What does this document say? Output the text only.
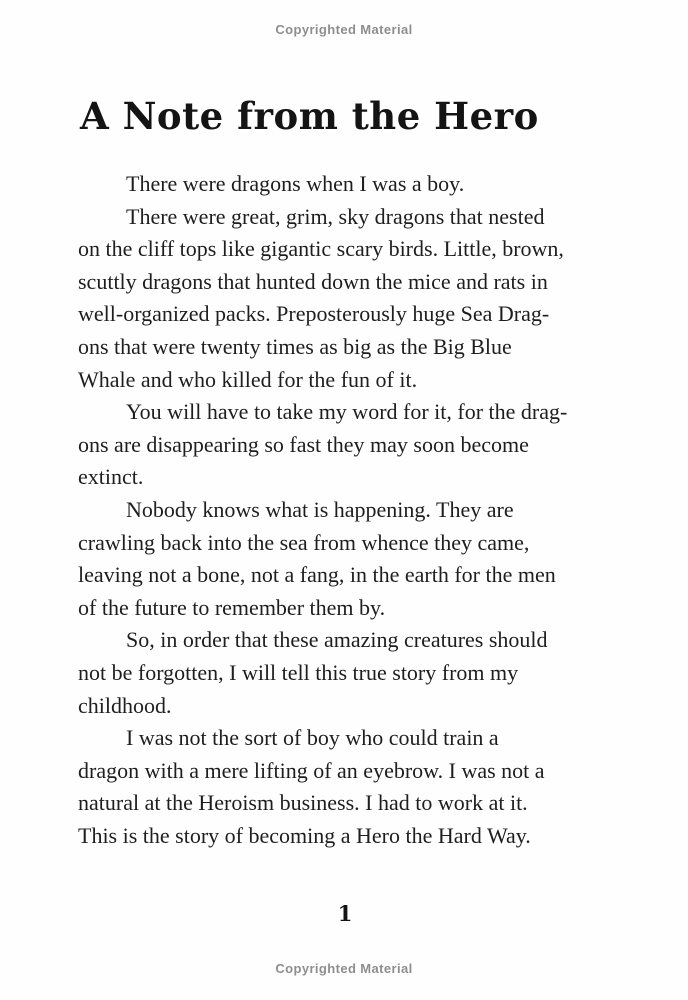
Copyrighted Material
A Note from the Hero
There were dragons when I was a boy.
There were great, grim, sky dragons that nested
on the cliff tops like gigantic scary birds. Little, brown,
scuttly dragons that hunted down the mice and rats in
well-organized packs. Preposterously huge Sea Drag-
ons that were twenty times as big as the Big Blue
Whale and who killed for the fun of it.
You will have to take my word for it, for the drag-
ons are disappearing so fast they may soon become
extinct.
Nobody knows what is happening. They are
crawling back into the sea from whence they came,
leaving not a bone, not a fang, in the earth for the men
of the future to remember them by.
So, in order that these amazing creatures should
not be forgotten, I will tell this true story from my
childhood.
I was not the sort of boy who could train a
dragon with a mere lifting of an eyebrow. I was not a
natural at the Heroism business. I had to work at it.
This is the story of becoming a Hero the Hard Way.
1
Copyrighted Material
